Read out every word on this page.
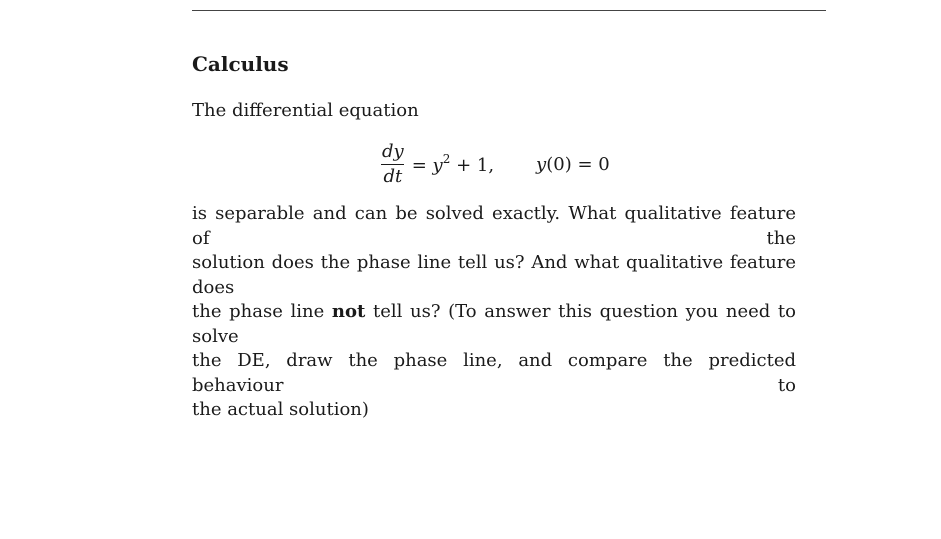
Calculus

The differential equation

$\frac{dy}{dt} = y^2 + 1$, y(0) = 0
is separable and can be solved exactly. What qualitative feature of the
solution does the phase line tell us? And what qualitative feature does
the phase line not tell us? (To answer this question you need to solve
the DE, draw the phase line, and compare the predicted behaviour to
the actual solution)
